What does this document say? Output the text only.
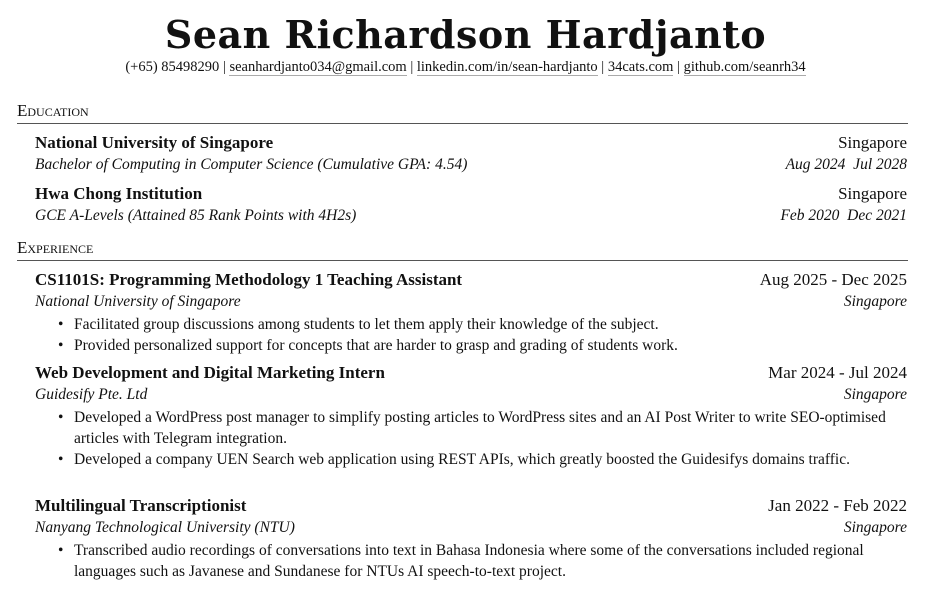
Sean Richardson Hardjanto
(+65) 85498290 | seanhardjanto034@gmail.com | linkedin.com/in/sean-hardjanto | 34cats.com | github.com/seanrh34
Education
National University of Singapore	Singapore
Bachelor of Computing in Computer Science (Cumulative GPA: 4.54)	Aug 2024  Jul 2028
Hwa Chong Institution	Singapore
GCE A-Levels (Attained 85 Rank Points with 4H2s)	Feb 2020  Dec 2021
Experience
CS1101S: Programming Methodology 1 Teaching Assistant	Aug 2025 - Dec 2025
National University of Singapore	Singapore
• Facilitated group discussions among students to let them apply their knowledge of the subject.
• Provided personalized support for concepts that are harder to grasp and grading of students work.
Web Development and Digital Marketing Intern	Mar 2024 - Jul 2024
Guidesify Pte. Ltd	Singapore
• Developed a WordPress post manager to simplify posting articles to WordPress sites and an AI Post Writer to write SEO-optimised articles with Telegram integration.
• Developed a company UEN Search web application using REST APIs, which greatly boosted the Guidesifys domains traffic.
Multilingual Transcriptionist	Jan 2022 - Feb 2022
Nanyang Technological University (NTU)	Singapore
• Transcribed audio recordings of conversations into text in Bahasa Indonesia where some of the conversations included regional languages such as Javanese and Sundanese for NTUs AI speech-to-text project.
